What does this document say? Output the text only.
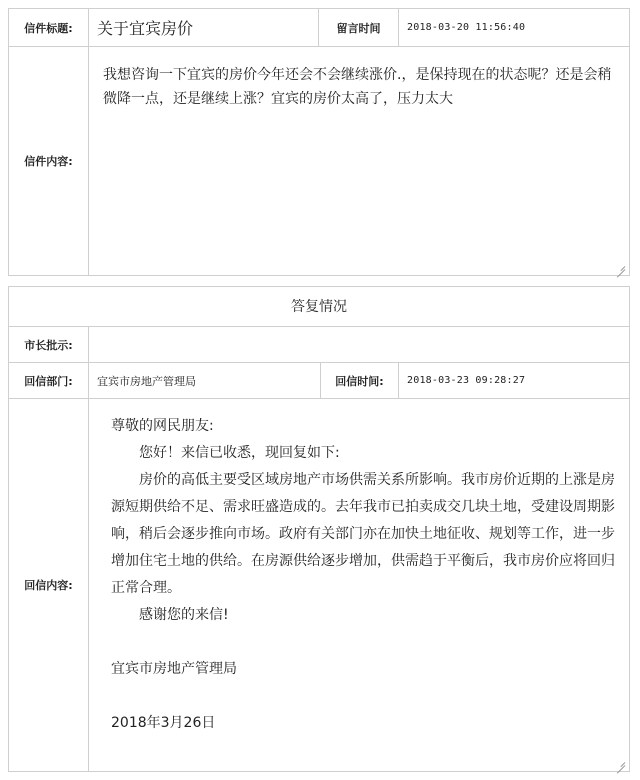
信件标题:	关于宜宾房价	留言时间	2018-03-20 11:56:40
信件内容:
我想咨询一下宜宾的房价今年还会不会继续涨价.，是保持现在的状态呢？还是会稍微降一点，还是继续上涨？宜宾的房价太高了，压力太大
答复情况
市长批示:
回信部门:	宜宾市房地产管理局	回信时间:	2018-03-23 09:28:27
回信内容:

尊敬的网民朋友:

您好！来信已收悉，现回复如下:

房价的高低主要受区域房地产市场供需关系所影响。我市房价近期的上涨是房源短期供给不足、需求旺盛造成的。去年我市已拍卖成交几块土地，受建设周期影响，稍后会逐步推向市场。政府有关部门亦在加快土地征收、规划等工作，进一步增加住宅土地的供给。在房源供给逐步增加，供需趋于平衡后，我市房价应将回归正常合理。

感谢您的来信!

宜宾市房地产管理局

2018年3月26日
